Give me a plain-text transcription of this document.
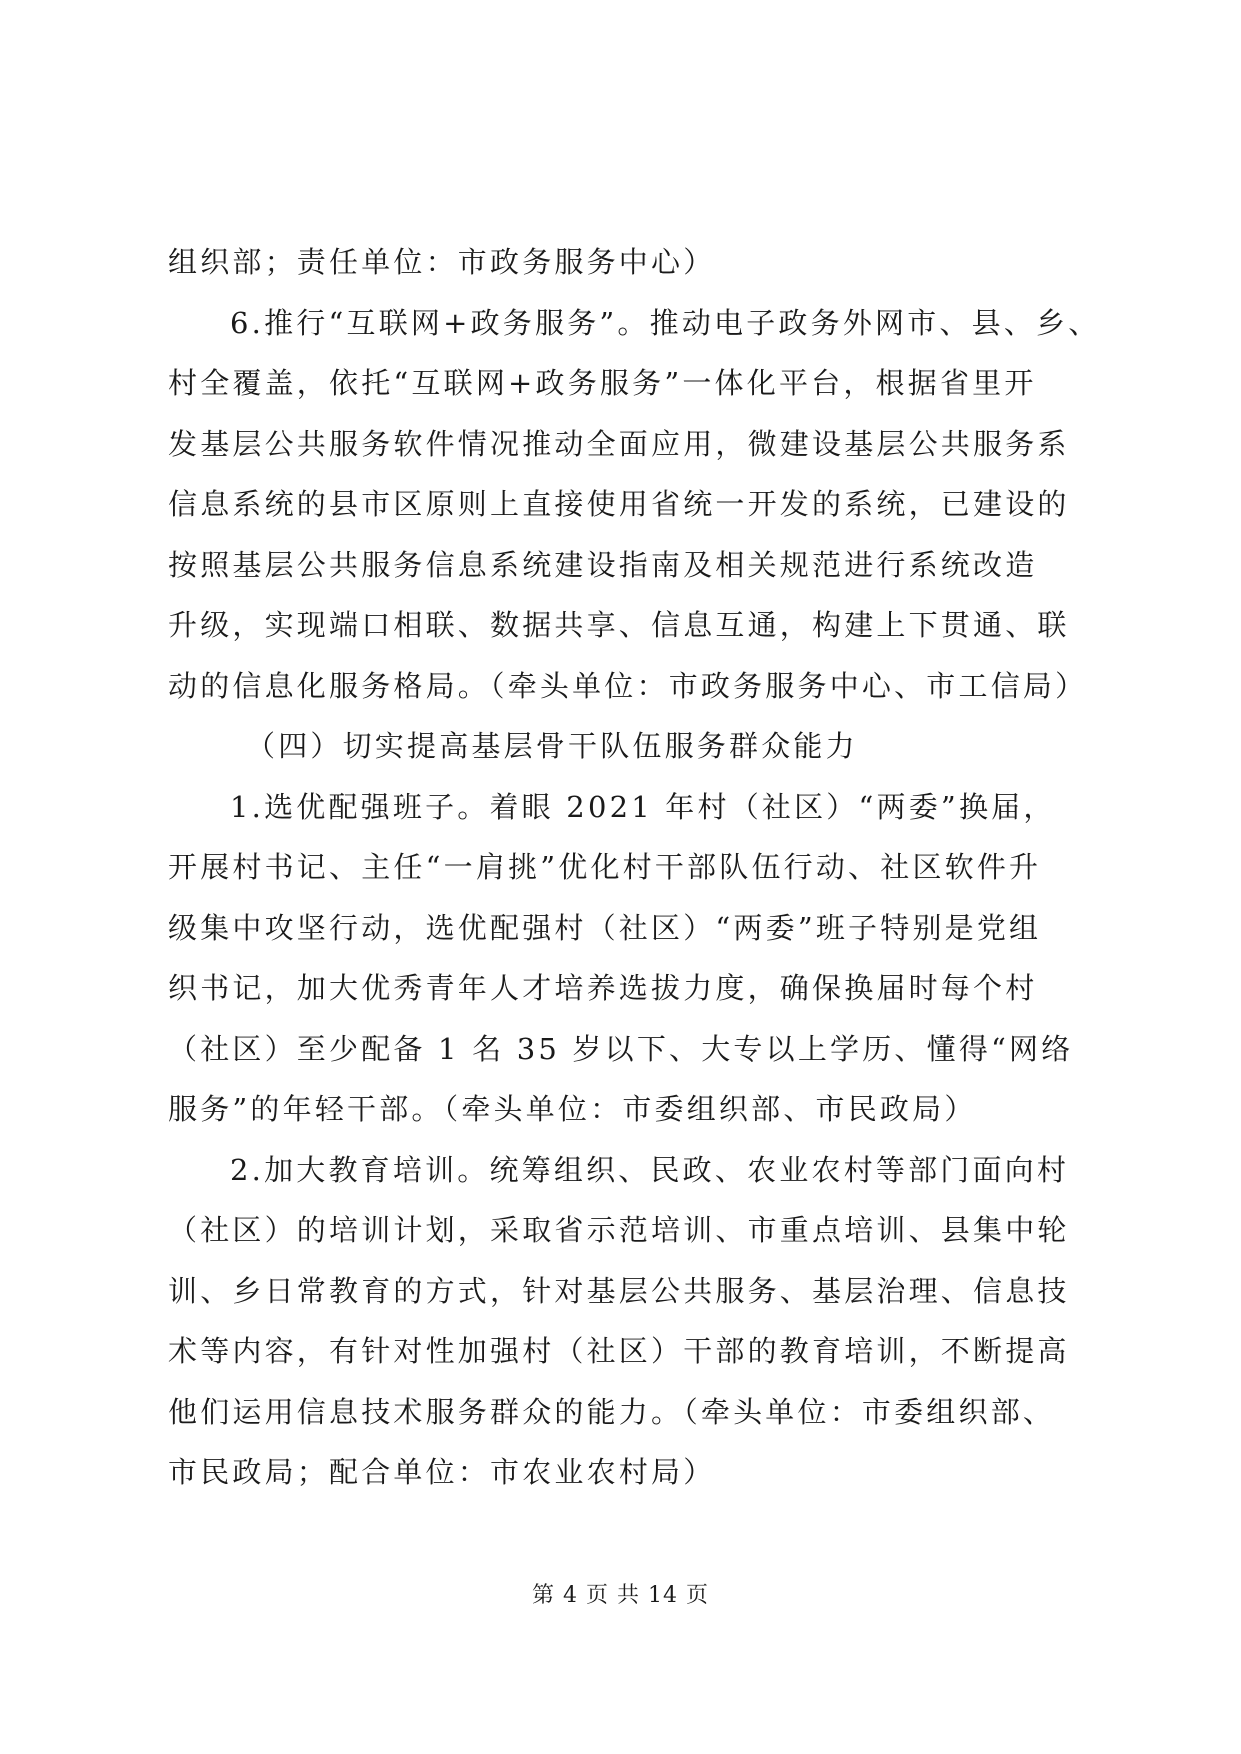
组织部；责任单位：市政务服务中心）
6.推行“互联网+政务服务”。推动电子政务外网市、县、乡、
村全覆盖，依托“互联网+政务服务”一体化平台，根据省里开
发基层公共服务软件情况推动全面应用，微建设基层公共服务系
信息系统的县市区原则上直接使用省统一开发的系统，已建设的
按照基层公共服务信息系统建设指南及相关规范进行系统改造
升级，实现端口相联、数据共享、信息互通，构建上下贯通、联
动的信息化服务格局。（牵头单位：市政务服务中心、市工信局）
（四）切实提高基层骨干队伍服务群众能力
1.选优配强班子。着眼 2021 年村（社区）“两委”换届，
开展村书记、主任“一肩挑”优化村干部队伍行动、社区软件升
级集中攻坚行动，选优配强村（社区）“两委”班子特别是党组
织书记，加大优秀青年人才培养选拔力度，确保换届时每个村
（社区）至少配备 1 名 35 岁以下、大专以上学历、懂得“网络
服务”的年轻干部。（牵头单位：市委组织部、市民政局）
2.加大教育培训。统筹组织、民政、农业农村等部门面向村
（社区）的培训计划，采取省示范培训、市重点培训、县集中轮
训、乡日常教育的方式，针对基层公共服务、基层治理、信息技
术等内容，有针对性加强村（社区）干部的教育培训，不断提高
他们运用信息技术服务群众的能力。（牵头单位：市委组织部、
市民政局；配合单位：市农业农村局）
第 4 页 共 14 页
